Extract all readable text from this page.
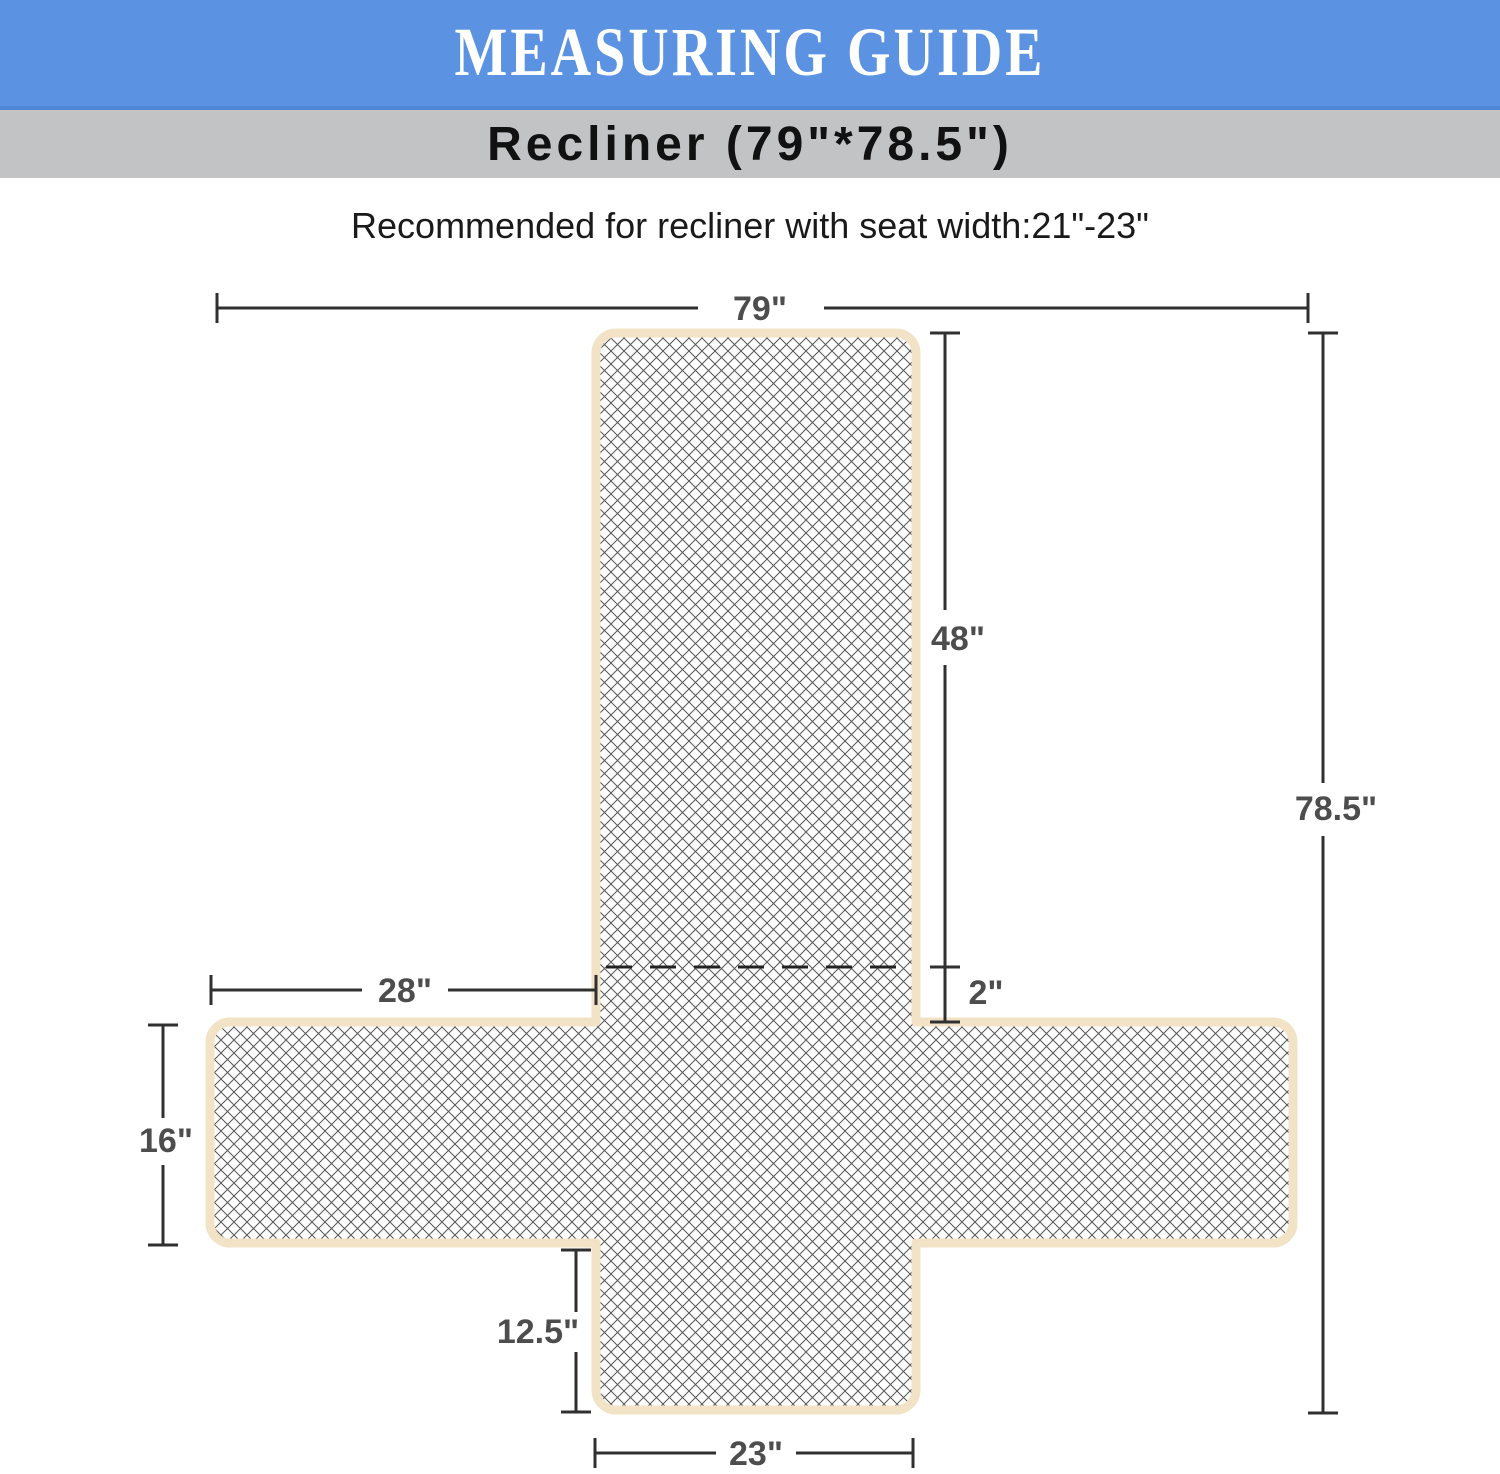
MEASURING GUIDE
Recliner (79"*78.5")
Recommended for recliner with seat width:21"-23"
79"
48"
2"
78.5"
28"
16"
12.5"
23"
